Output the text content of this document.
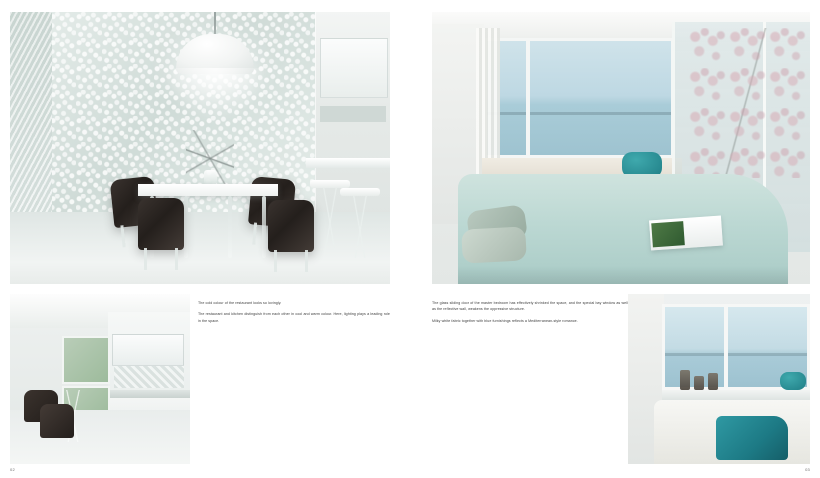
The cold colour of the restaurant looks so lovingly.

The restaurant and kitchen distinguish from each other in cool and warm colour. Here, lighting plays a leading role in the space.

The glass sliding door of the master bedroom has effectively shrinked the space, and the special bay window as well as the reflective wall, weakens the oppressive structure.

Milky white fabric together with blue furnishings reflects a Mediterranean-style romance.

02	03
